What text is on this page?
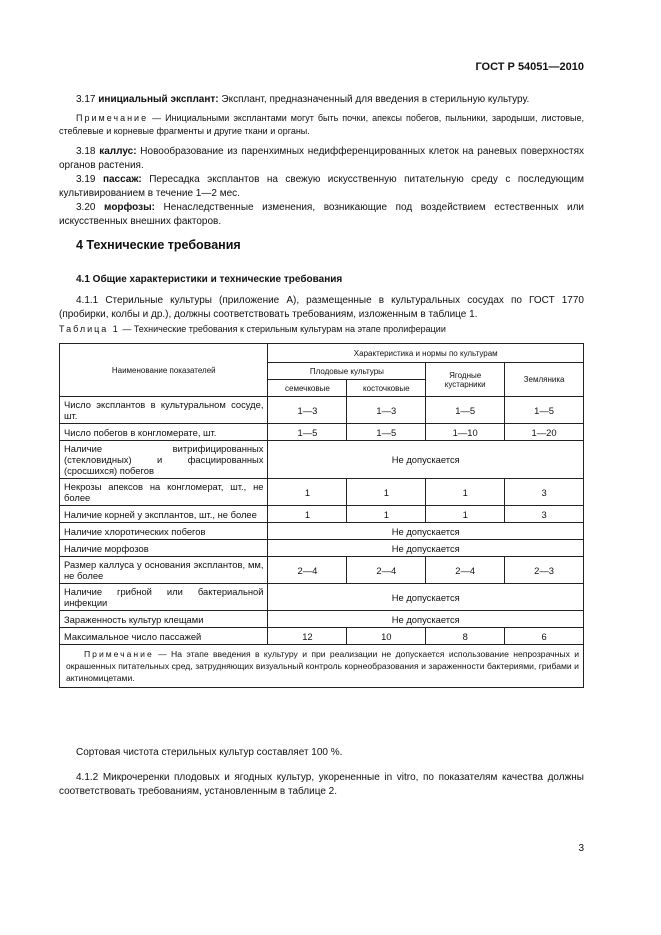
ГОСТ Р 54051—2010

3.17 инициальный эксплант: Эксплант, предназначенный для введения в стерильную культуру.

Примечание — Инициальными эксплантами могут быть почки, апексы побегов, пыльники, зародыши, листовые, стеблевые и корневые фрагменты и другие ткани и органы.

3.18 каллус: Новообразование из паренхимных недифференцированных клеток на раневых поверхностях органов растения.

3.19 пассаж: Пересадка эксплантов на свежую искусственную питательную среду с последующим культивированием в течение 1—2 мес.

3.20 морфозы: Ненаследственные изменения, возникающие под воздействием естественных или искусственных внешних факторов.

4 Технические требования
4.1 Общие характеристики и технические требования

4.1.1 Стерильные культуры (приложение А), размещенные в культуральных сосудах по ГОСТ 1770 (пробирки, колбы и др.), должны соответствовать требованиям, изложенным в таблице 1.

Таблица 1 — Технические требования к стерильным культурам на этапе пролиферации
Наименование показателей	Характеристика и нормы по культурам			
	Плодовые культуры		Ягодные кустарники	Земляника
	семечковые	косточковые		
Число эксплантов в культуральном сосуде, шт.	1—3	1—3	1—5	1—5
Число побегов в конгломерате, шт.	1—5	1—5	1—10	1—20
Наличие витрифицированных (стекловидных) и фасциированных (сросшихся) побегов	Не допускается			
Некрозы апексов на конгломерат, шт., не более	1	1	1	3
Наличие корней у эксплантов, шт., не более	1	1	1	3
Наличие хлоротических побегов	Не допускается			
Наличие морфозов	Не допускается			
Размер каллуса у основания эксплантов, мм, не более	2—4	2—4	2—4	2—3
Наличие грибной или бактериальной инфекции	Не допускается			
Зараженность культур клещами	Не допускается			
Максимальное число пассажей	12	10	8	6
Примечание — На этапе введения в культуру и при реализации не допускается использование непрозрачных и окрашенных питательных сред, затрудняющих визуальный контроль корнеобразования и зараженности бактериями, грибами и актиномицетами.				
Сортовая чистота стерильных культур составляет 100 %.
4.1.2 Микрочеренки плодовых и ягодных культур, укорененные in vitro, по показателям качества должны соответствовать требованиям, установленным в таблице 2.
3
